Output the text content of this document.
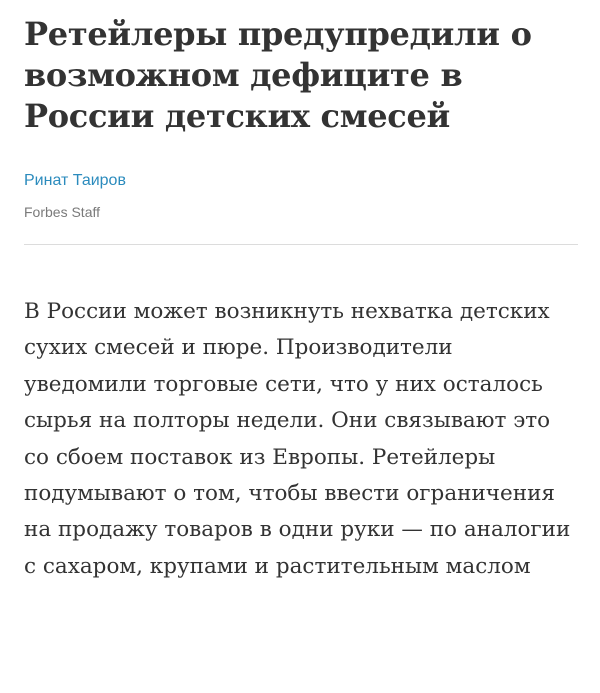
Ретейлеры предупредили о возможном дефиците в России детских смесей
Ринат Таиров
Forbes Staff

В России может возникнуть нехватка детских сухих смесей и пюре. Производители уведомили торговые сети, что у них осталось сырья на полторы недели. Они связывают это со сбоем поставок из Европы. Ретейлеры подумывают о том, чтобы ввести ограничения на продажу товаров в одни руки — по аналогии с сахаром, крупами и растительным маслом
